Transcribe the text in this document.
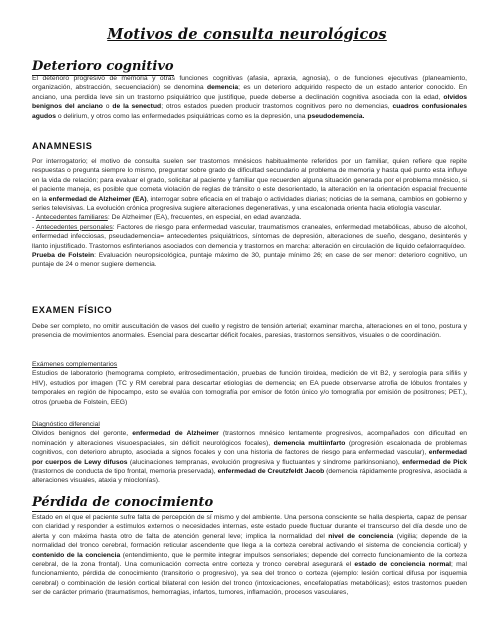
Motivos de consulta neurológicos
Deterioro cognitivo

El deterioro progresivo de memoria y otras funciones cognitivas (afasia, apraxia, agnosia), o de funciones ejecutivas (planeamiento, organización, abstracción, secuenciación) se denomina demencia; es un deterioro adquirido respecto de un estado anterior conocido. En anciano, una perdida leve sin un trastorno psiquiátrico que justifique, puede deberse a declinación cognitiva asociada con la edad, olvidos benignos del anciano o de la senectud; otros estados pueden producir trastornos cognitivos pero no demencias, cuadros confusionales agudos o delirium, y otros como las enfermedades psiquiátricas como es la depresión, una pseudodemencia.

ANAMNESIS

Por interrogatorio; el motivo de consulta suelen ser trastornos mnésicos habitualmente referidos por un familiar, quien refiere que repite respuestas o pregunta siempre lo mismo, preguntar sobre grado de dificultad secundario al problema de memoria y hasta qué punto esta influye en la vida de relación; para evaluar el grado, solicitar al paciente y familiar que recuerden alguna situación generada por el problema mnésico, si el paciente maneja, es posible que cometa violación de reglas de tránsito o este desorientado, la alteración en la orientación espacial frecuente en la enfermedad de Alzheimer (EA), interrogar sobre eficacia en el trabajo o actividades diarias; noticias de la semana, cambios en gobierno y series televisivas. La evolución crónica progresiva sugiere alteraciones degenerativas, y una escalonada orienta hacia etiología vascular.

- Antecedentes familiares: De Alzheimer (EA), frecuentes, en especial, en edad avanzada.

- Antecedentes personales: Factores de riesgo para enfermedad vascular, traumatismos craneales, enfermedad metabólicas, abuso de alcohol, enfermedad infecciosas, pseudademencia= antecedentes psiquiátricos, síntomas de depresión, alteraciones de sueño, desgano, desinterés y llanto injustificado. Trastornos esfinterianos asociados con demencia y trastornos en marcha: alteración en circulación de liquido cefalorraquídeo.

Prueba de Folstein: Evaluación neuropsicológica, puntaje máximo de 30, puntaje mínimo 26; en case de ser menor: deterioro cognitivo, un puntaje de 24 o menor sugiere demencia.

EXAMEN FÍSICO

Debe ser completo, no omitir auscultación de vasos del cuello y registro de tensión arterial; examinar marcha, alteraciones en el tono, postura y presencia de movimientos anormales. Esencial para descartar déficit focales, paresias, trastornos sensitivos, visuales o de coordinación.

Exámenes complementarios

Estudios de laboratorio (hemograma completo, eritrosedimentación, pruebas de función tiroidea, medición de vit B2, y serología para sífilis y HIV), estudios por imagen (TC y RM cerebral para descartar etiologías de demencia; en EA puede observarse atrofia de lóbulos frontales y temporales en región de hipocampo, esto se evalúa con tomografía por emisor de fotón único y/o tomografía por emisión de positrones; PET.), otros (prueba de Folstein, EEG)

Diagnóstico diferencial

Olvidos benignos del geronte, enfermedad de Alzheimer (trastornos mnésico lentamente progresivos, acompañados con dificultad en nominación y alteraciones visuoespaciales, sin déficit neurológicos focales), demencia multiinfarto (progresión escalonada de problemas cognitivos, con deterioro abrupto, asociada a signos focales y con una historia de factores de riesgo para enfermedad vascular), enfermedad por cuerpos de Lewy difusos (alucinaciones tempranas, evolución progresiva y fluctuantes y síndrome parkinsoniano), enfermedad de Pick (trastornos de conducta de tipo frontal, memoria preservada), enfermedad de Creutzfeldt Jacob (demencia rápidamente progresiva, asociada a alteraciones visuales, ataxia y mioclonías).

Pérdida de conocimiento

Estado en el que el paciente sufre falta de percepción de sí mismo y del ambiente. Una persona consciente se halla despierta, capaz de pensar con claridad y responder a estímulos externos o necesidades internas, este estado puede fluctuar durante el transcurso del día desde uno de alerta y con máxima hasta otro de falta de atención general leve; implica la normalidad del nivel de conciencia (vigilia; depende de la normalidad del tronco cerebral, formación reticular ascendente que llega a la corteza cerebral activando el sistema de conciencia cortical) y contenido de la conciencia (entendimiento, que le permite integrar impulsos sensoriales; depende del correcto funcionamiento de la corteza cerebral, de la zona frontal). Una comunicación correcta entre corteza y tronco cerebral asegurará el estado de conciencia normal; mal funcionamiento, pérdida de conocimiento (transitorio o progresivo), ya sea del tronco o corteza (ejemplo: lesión cortical difusa por isquemia cerebral) o combinación de lesión cortical bilateral con lesión del tronco (intoxicaciones, encefalopatías metabólicas); estos trastornos pueden ser de carácter primario (traumatismos, hemorragias, infartos, tumores, inflamación, procesos vasculares,
